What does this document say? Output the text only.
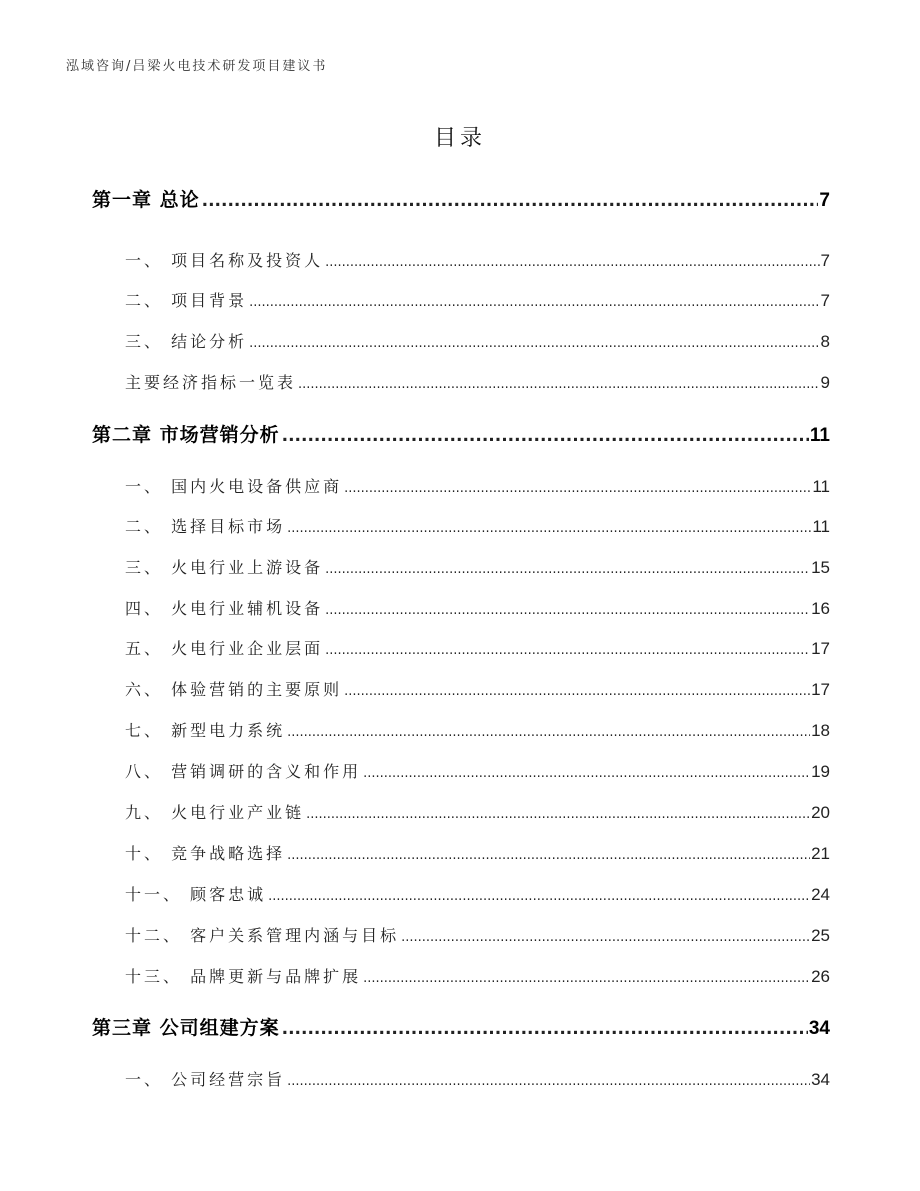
泓域咨询/吕梁火电技术研发项目建议书
目录
第一章 总论 .....	7
一、 项目名称及投资人 .....	7
二、 项目背景 .....	7
三、 结论分析 .....	8
主要经济指标一览表 .....	9
第二章 市场营销分析 .....	11
一、 国内火电设备供应商 .....	11
二、 选择目标市场 .....	11
三、 火电行业上游设备 .....	15
四、 火电行业辅机设备 .....	16
五、 火电行业企业层面 .....	17
六、 体验营销的主要原则 .....	17
七、 新型电力系统 .....	18
八、 营销调研的含义和作用 .....	19
九、 火电行业产业链 .....	20
十、 竞争战略选择 .....	21
十一、 顾客忠诚 .....	24
十二、 客户关系管理内涵与目标 .....	25
十三、 品牌更新与品牌扩展 .....	26
第三章 公司组建方案 .....	34
一、 公司经营宗旨 .....	34
